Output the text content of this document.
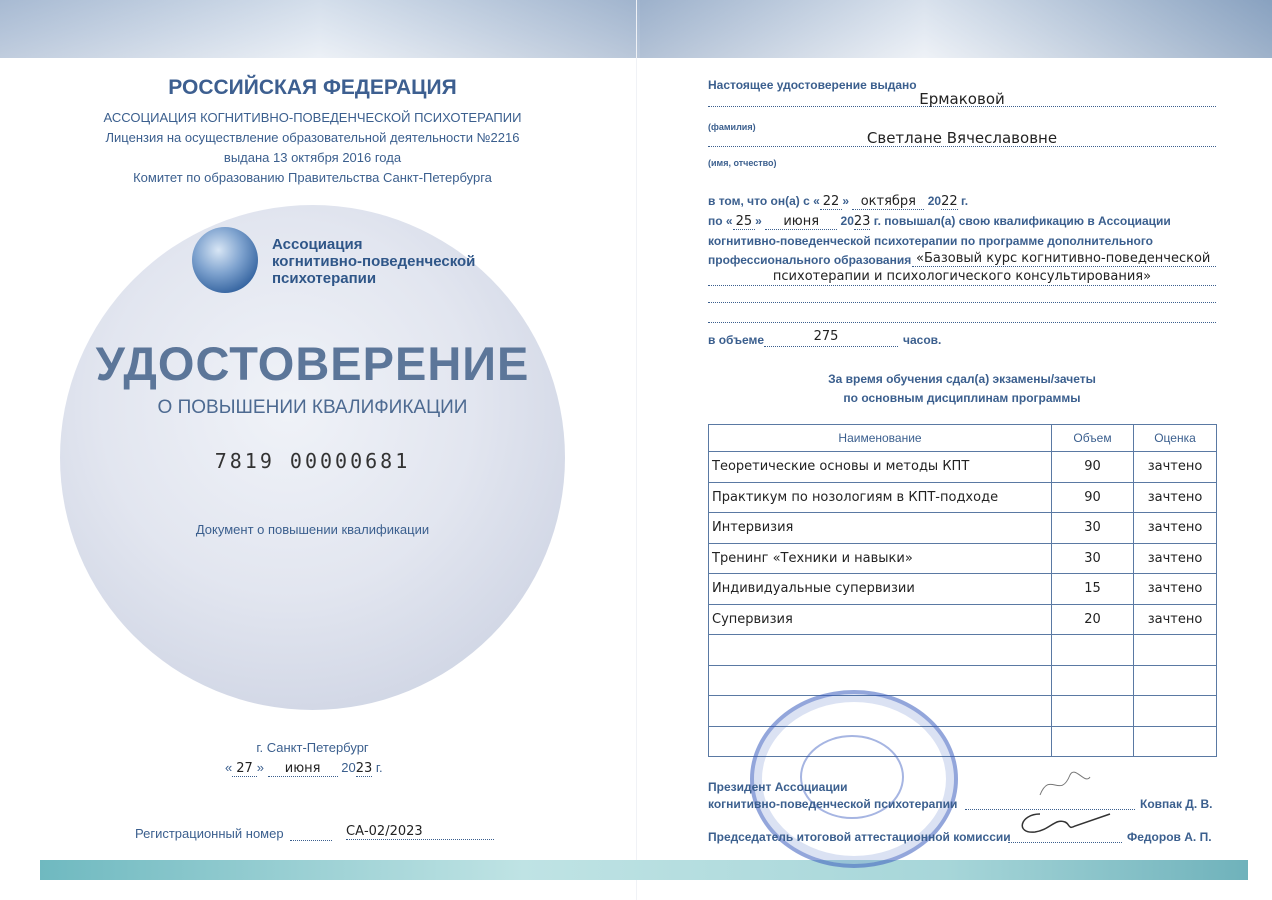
РОССИЙСКАЯ ФЕДЕРАЦИЯ
АССОЦИАЦИЯ КОГНИТИВНО-ПОВЕДЕНЧЕСКОЙ ПСИХОТЕРАПИИ
Лицензия на осуществление образовательной деятельности №2216
выдана 13 октября 2016 года
Комитет по образованию Правительства Санкт-Петербурга
Ассоциация
когнитивно-поведенческой
психотерапии
УДОСТОВЕРЕНИЕ
О ПОВЫШЕНИИ КВАЛИФИКАЦИИ
7819 00000681
Документ о повышении квалификации
г. Санкт-Петербург
« 27 » июня 2023 г.
Регистрационный номер	СА-02/2023
Настоящее удостоверение выдано
Ермаковой
(фамилия)
Светлане Вячеславовне
(имя, отчество)
в том, что он(а) с « 22 » октября 2022 г.
по « 25 » июня 2023 г. повышал(а) свою квалификацию в Ассоциации
когнитивно-поведенческой психотерапии по программе дополнительного
профессионального образования «Базовый курс когнитивно-поведенческой
психотерапии и психологического консультирования»
в объеме	275	часов.
За время обучения сдал(а) экзамены/зачеты
по основным дисциплинам программы
Наименование	Объем	Оценка
Теоретические основы и методы КПТ	90	зачтено
Практикум по нозологиям в КПТ-подходе	90	зачтено
Интервизия	30	зачтено
Тренинг «Техники и навыки»	30	зачтено
Индивидуальные супервизии	15	зачтено
Супервизия	20	зачтено

Президент Ассоциации
когнитивно-поведенческой психотерапии	Ковпак Д. В.
Председатель итоговой аттестационной комиссии	Федоров А. П.
